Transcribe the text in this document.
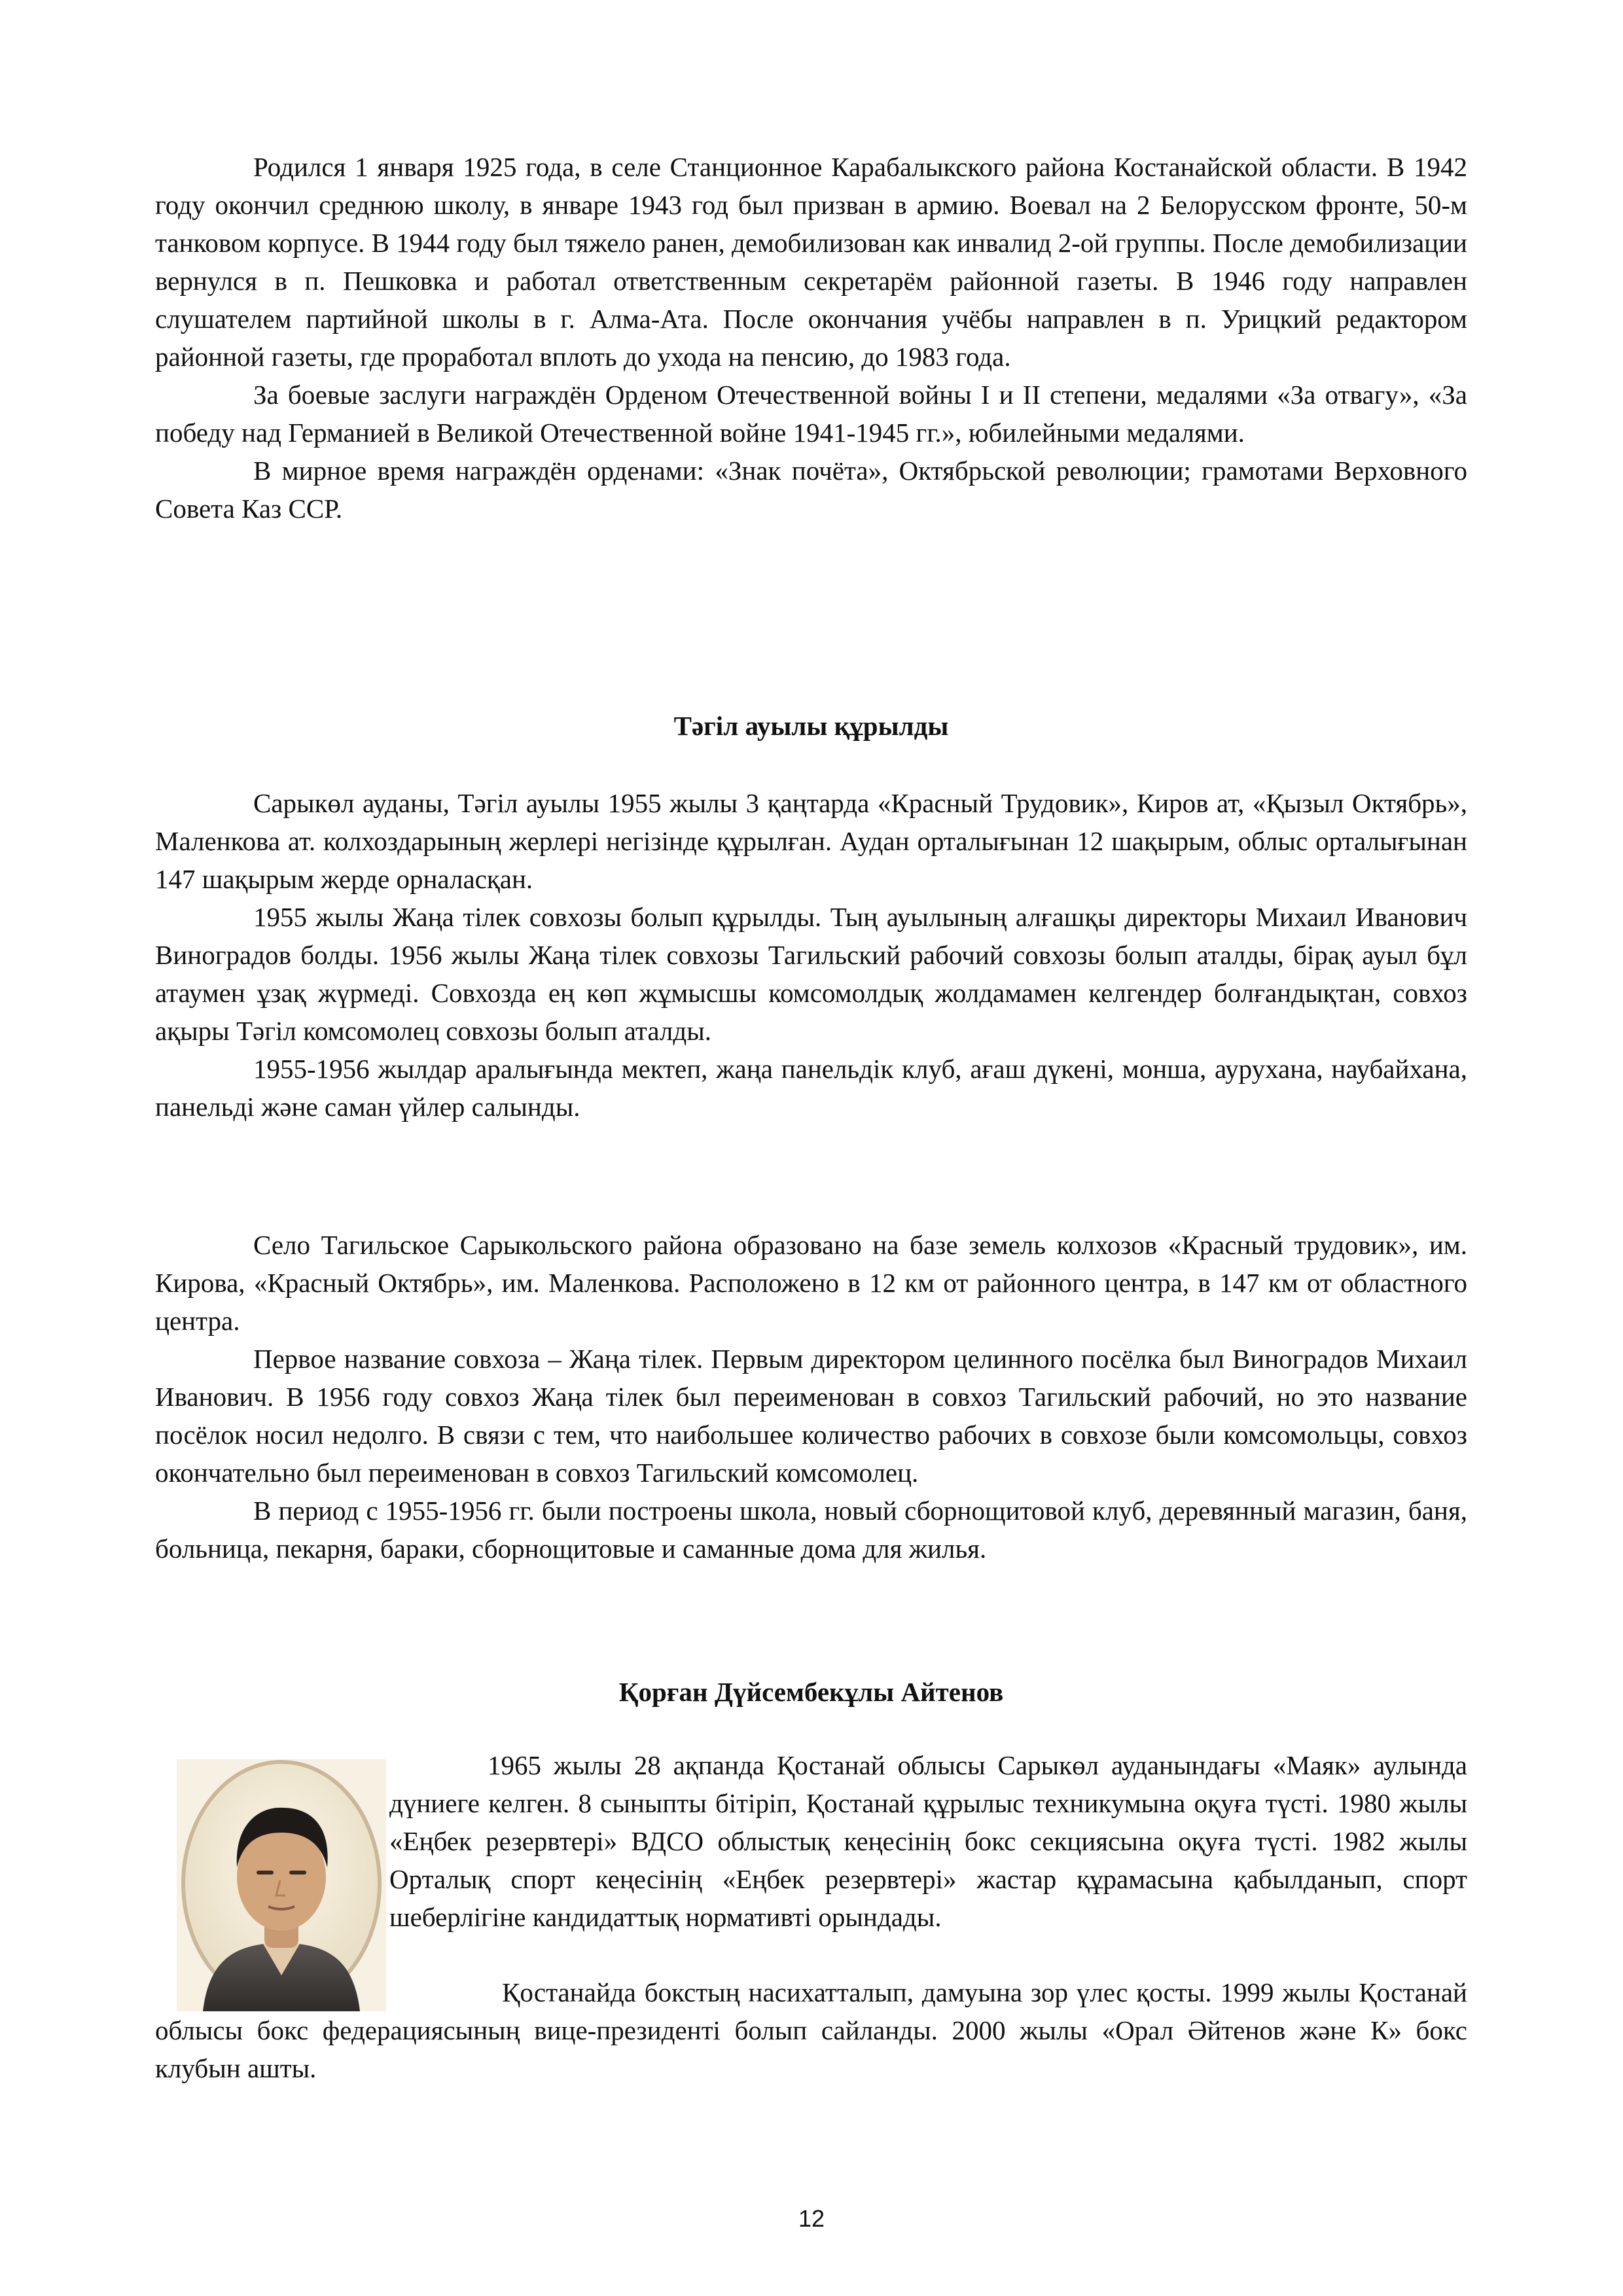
Родился 1 января 1925 года, в селе Станционное Карабалыкского района Костанайской области. В 1942 году окончил среднюю школу, в январе 1943 год был призван в армию. Воевал на 2 Белорусском фронте, 50-м танковом корпусе. В 1944 году был тяжело ранен, демобилизован как инвалид 2-ой группы. После демобилизации вернулся в п. Пешковка и работал ответственным секретарём районной газеты. В 1946 году направлен слушателем партийной школы в г. Алма-Ата. После окончания учёбы направлен в п. Урицкий редактором районной газеты, где проработал вплоть до ухода на пенсию, до 1983 года.

За боевые заслуги награждён Орденом Отечественной войны I и II степени, медалями «За отвагу», «За победу над Германией в Великой Отечественной войне 1941-1945 гг.», юбилейными медалями.

В мирное время награждён орденами: «Знак почёта», Октябрьской революции; грамотами Верховного Совета Каз ССР.

Тәгіл ауылы құрылды

Сарыкөл ауданы, Тәгіл ауылы 1955 жылы 3 қаңтарда «Красный Трудовик», Киров ат, «Қызыл Октябрь», Маленкова ат. колхоздарының жерлері негізінде құрылған. Аудан орталығынан 12 шақырым, облыс орталығынан 147 шақырым жерде орналасқан.

1955 жылы Жаңа тілек совхозы болып құрылды. Тың ауылының алғашқы директоры Михаил Иванович Виноградов болды. 1956 жылы Жаңа тілек совхозы Тагильский рабочий совхозы болып аталды, бірақ ауыл бұл атаумен ұзақ жүрмеді. Совхозда ең көп жұмысшы комсомолдық жолдамамен келгендер болғандықтан, совхоз ақыры Тәгіл комсомолец совхозы болып аталды.

1955-1956 жылдар аралығында мектеп, жаңа панельдік клуб, ағаш дүкені, монша, аурухана, наубайхана, панельді және саман үйлер салынды.

Село Тагильское Сарыкольского района образовано на базе земель колхозов «Красный трудовик», им. Кирова, «Красный Октябрь», им. Маленкова. Расположено в 12 км от районного центра, в 147 км от областного центра.

Первое название совхоза – Жаңа тілек. Первым директором целинного посёлка был Виноградов Михаил Иванович. В 1956 году совхоз Жаңа тілек был переименован в совхоз Тагильский рабочий, но это название посёлок носил недолго. В связи с тем, что наибольшее количество рабочих в совхозе были комсомольцы, совхоз окончательно был переименован в совхоз Тагильский комсомолец.

В период с 1955-1956 гг. были построены школа, новый сборнощитовой клуб, деревянный магазин, баня, больница, пекарня, бараки, сборнощитовые и саманные дома для жилья.

Қорған Дүйсембекұлы Айтенов

1965 жылы 28 ақпанда Қостанай облысы Сарыкөл ауданындағы «Маяк» аулында дүниеге келген. 8 сыныпты бітіріп, Қостанай құрылыс техникумына оқуға түсті. 1980 жылы «Еңбек резервтері» ВДСО облыстық кеңесінің бокс секциясына оқуға түсті. 1982 жылы Орталық спорт кеңесінің «Еңбек резервтері» жастар құрамасына қабылданып, спорт шеберлігіне кандидаттық нормативті орындады.

Қостанайда бокстың насихатталып, дамуына зор үлес қосты. 1999 жылы Қостанай облысы бокс федерациясының вице-президенті болып сайланды. 2000 жылы «Орал Әйтенов және К» бокс клубын ашты.

12
